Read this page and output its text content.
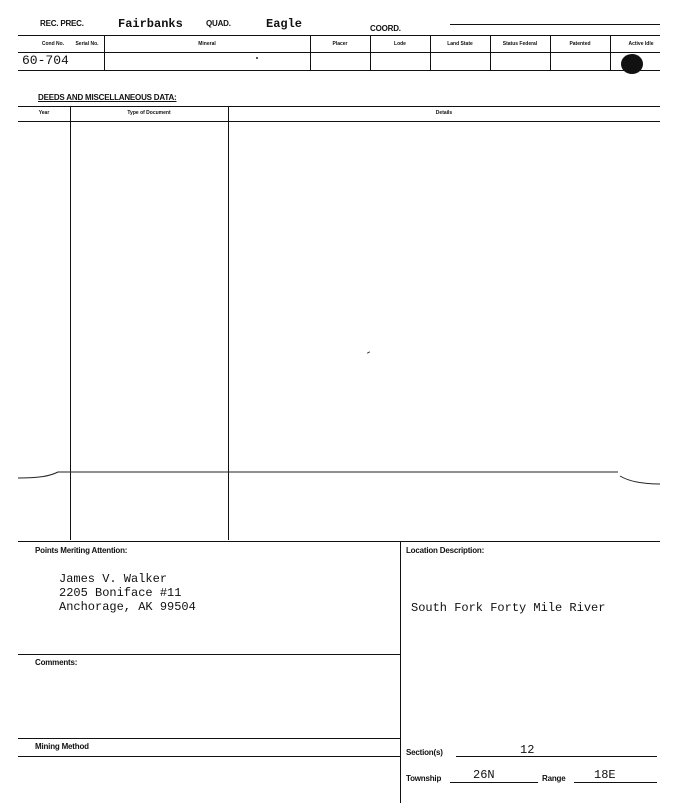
REC. PREC.	Fairbanks	QUAD.	Eagle	COORD.
Cond No.	Serial No.	Mineral	Placer	Lode	Land State	Status Federal	Patented	Active Idle
60-704
DEEDS AND MISCELLANEOUS DATA:
Year	Type of Document	Details
Points Meriting Attention:
James V. Walker
2205 Boniface #11
Anchorage, AK 99504
Location Description:
South Fork Forty Mile River
Comments:
Mining Method
Section(s)	12
Township	26N	Range 18E
